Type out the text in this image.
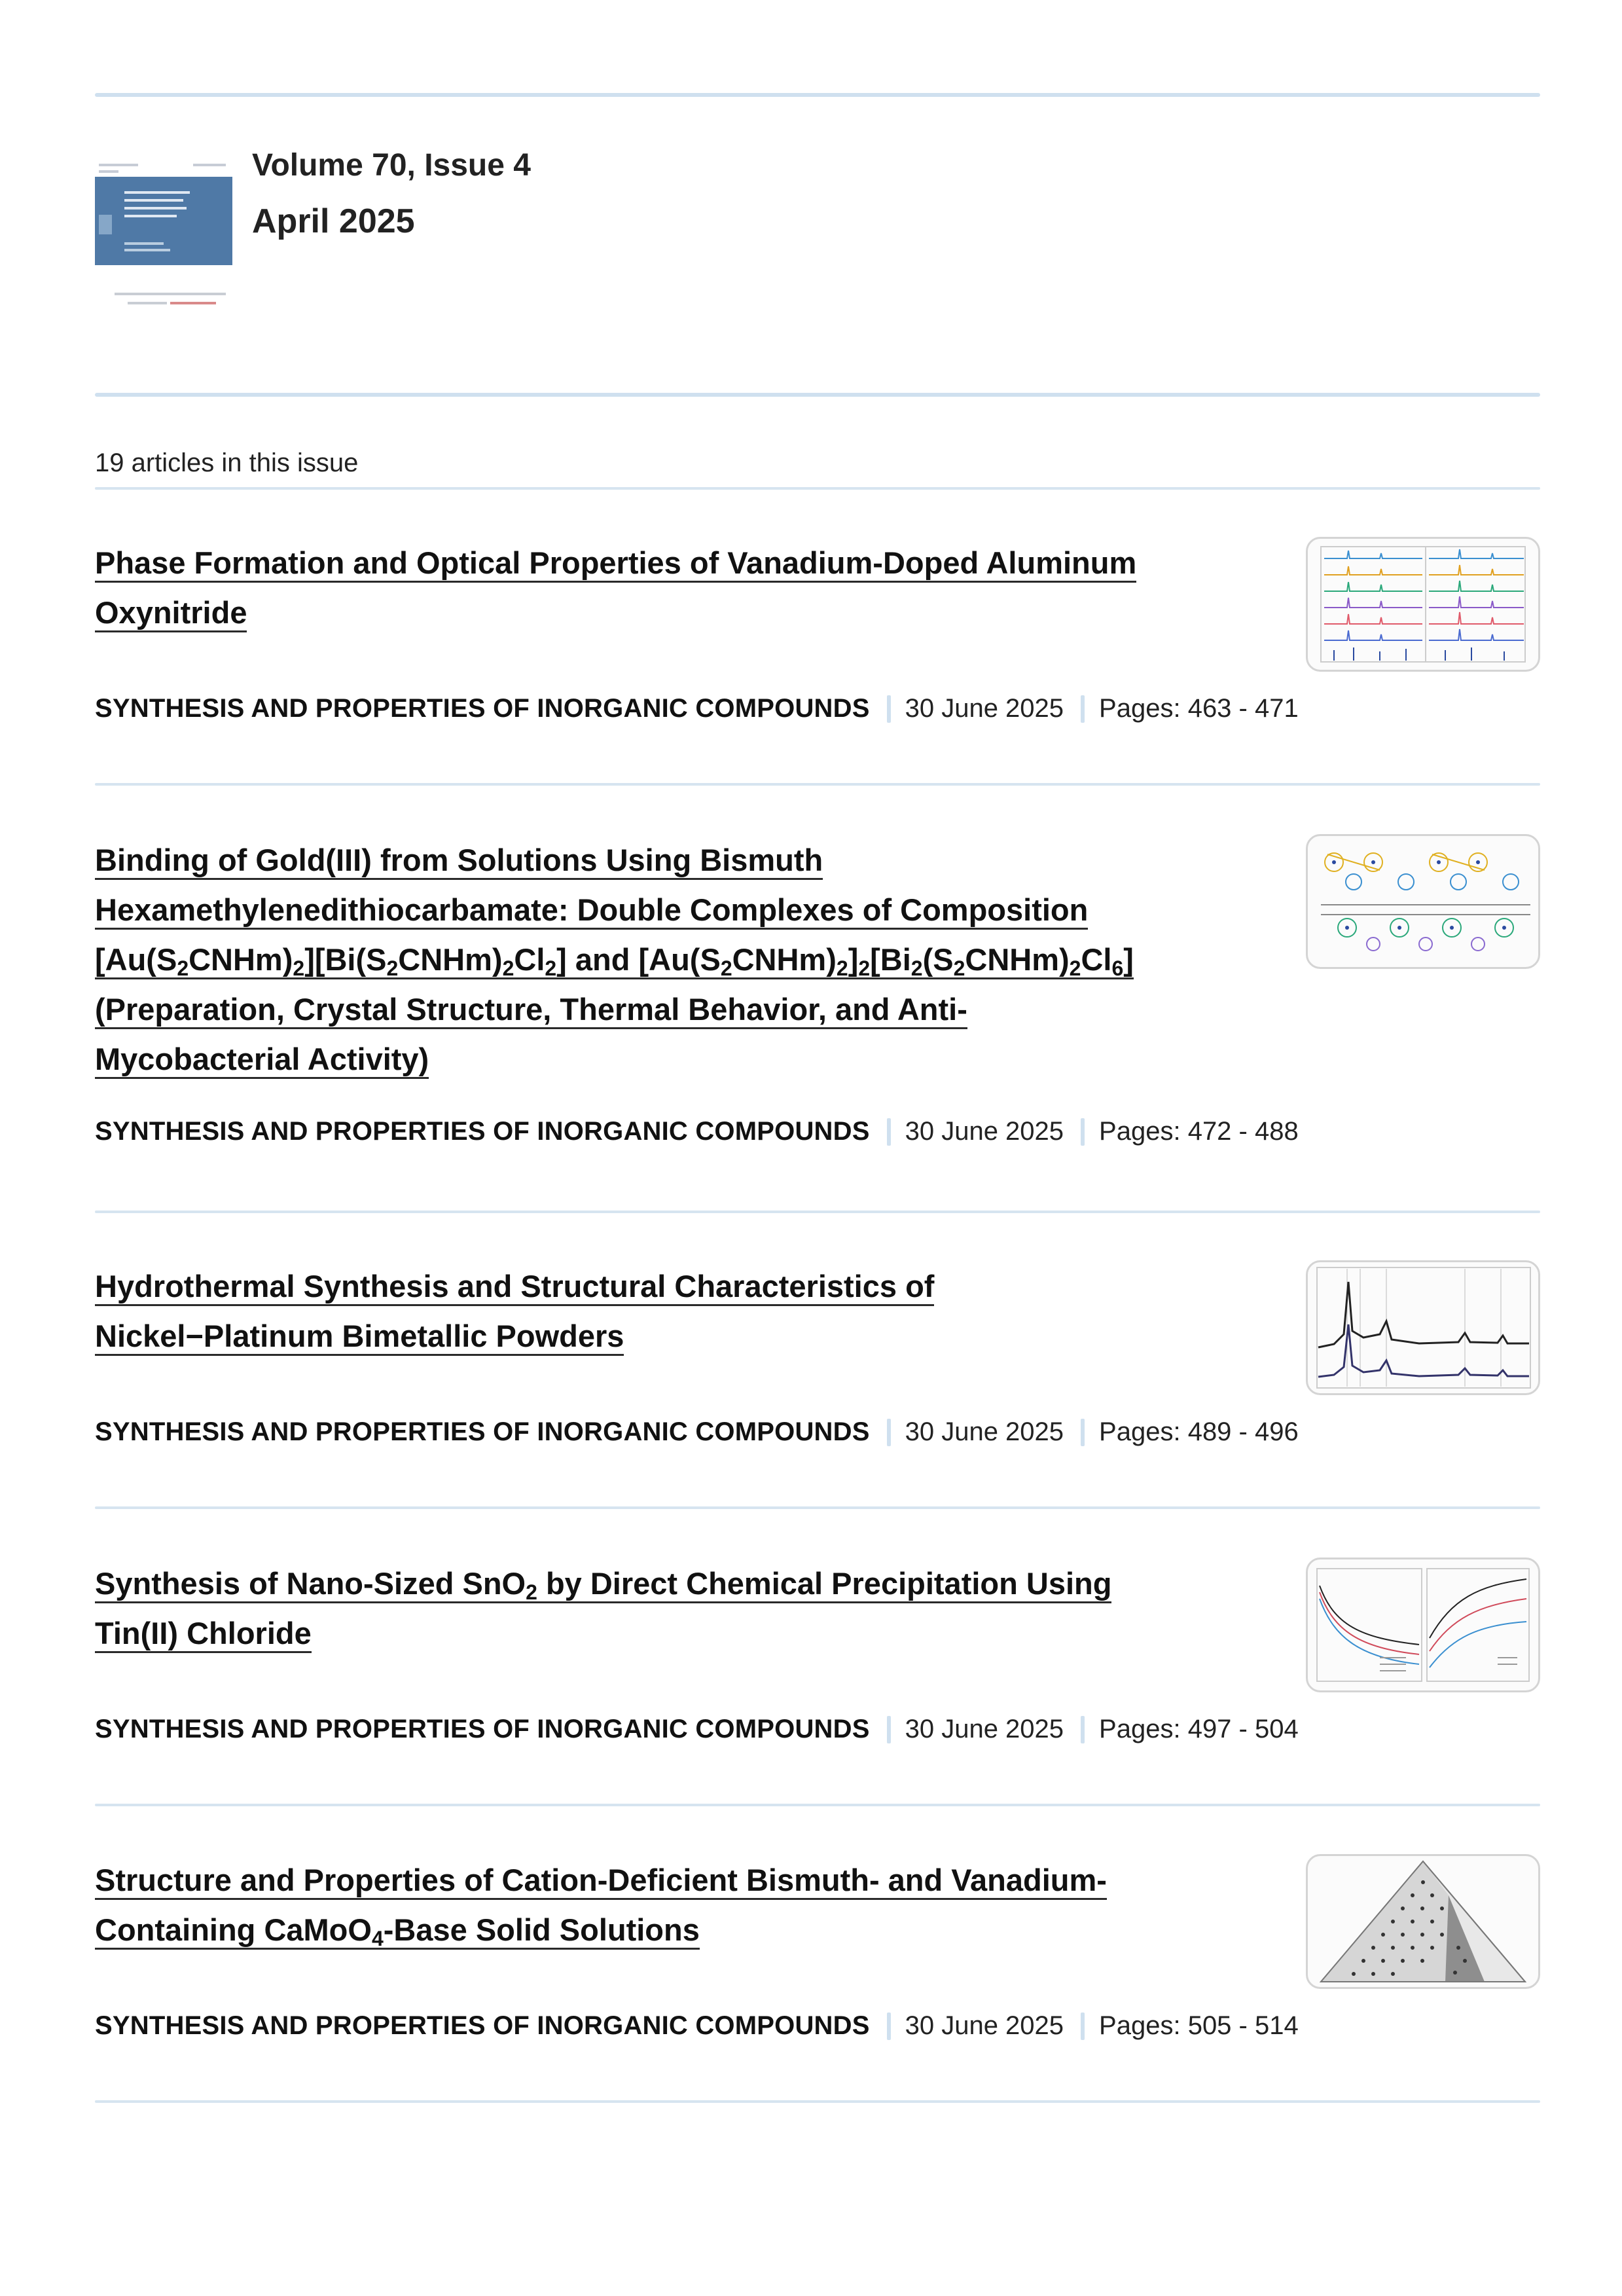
Volume 70, Issue 4
April 2025
19 articles in this issue
Phase Formation and Optical Properties of Vanadium-Doped Aluminum
Oxynitride
SYNTHESIS AND PROPERTIES OF INORGANIC COMPOUNDS 30 June 2025 Pages: 463 - 471
Binding of Gold(III) from Solutions Using Bismuth
Hexamethylenedithiocarbamate: Double Complexes of Composition
$[Au(S_2CNHm)_2][Bi(S_2CNHm)_2Cl_2]$ and $[Au(S_2CNHm)_2]_2[Bi_2(S_2CNHm)_2Cl_6]$
(Preparation, Crystal Structure, Thermal Behavior, and Anti-
Mycobacterial Activity)
SYNTHESIS AND PROPERTIES OF INORGANIC COMPOUNDS 30 June 2025 Pages: 472 - 488
Hydrothermal Synthesis and Structural Characteristics of
Nickel−Platinum Bimetallic Powders
SYNTHESIS AND PROPERTIES OF INORGANIC COMPOUNDS 30 June 2025 Pages: 489 - 496
Synthesis of Nano-Sized SnO$_2$ by Direct Chemical Precipitation Using
Tin(II) Chloride
SYNTHESIS AND PROPERTIES OF INORGANIC COMPOUNDS 30 June 2025 Pages: 497 - 504
Structure and Properties of Cation-Deficient Bismuth- and Vanadium-
Containing CaMoO$_4$-Base Solid Solutions
SYNTHESIS AND PROPERTIES OF INORGANIC COMPOUNDS 30 June 2025 Pages: 505 - 514
